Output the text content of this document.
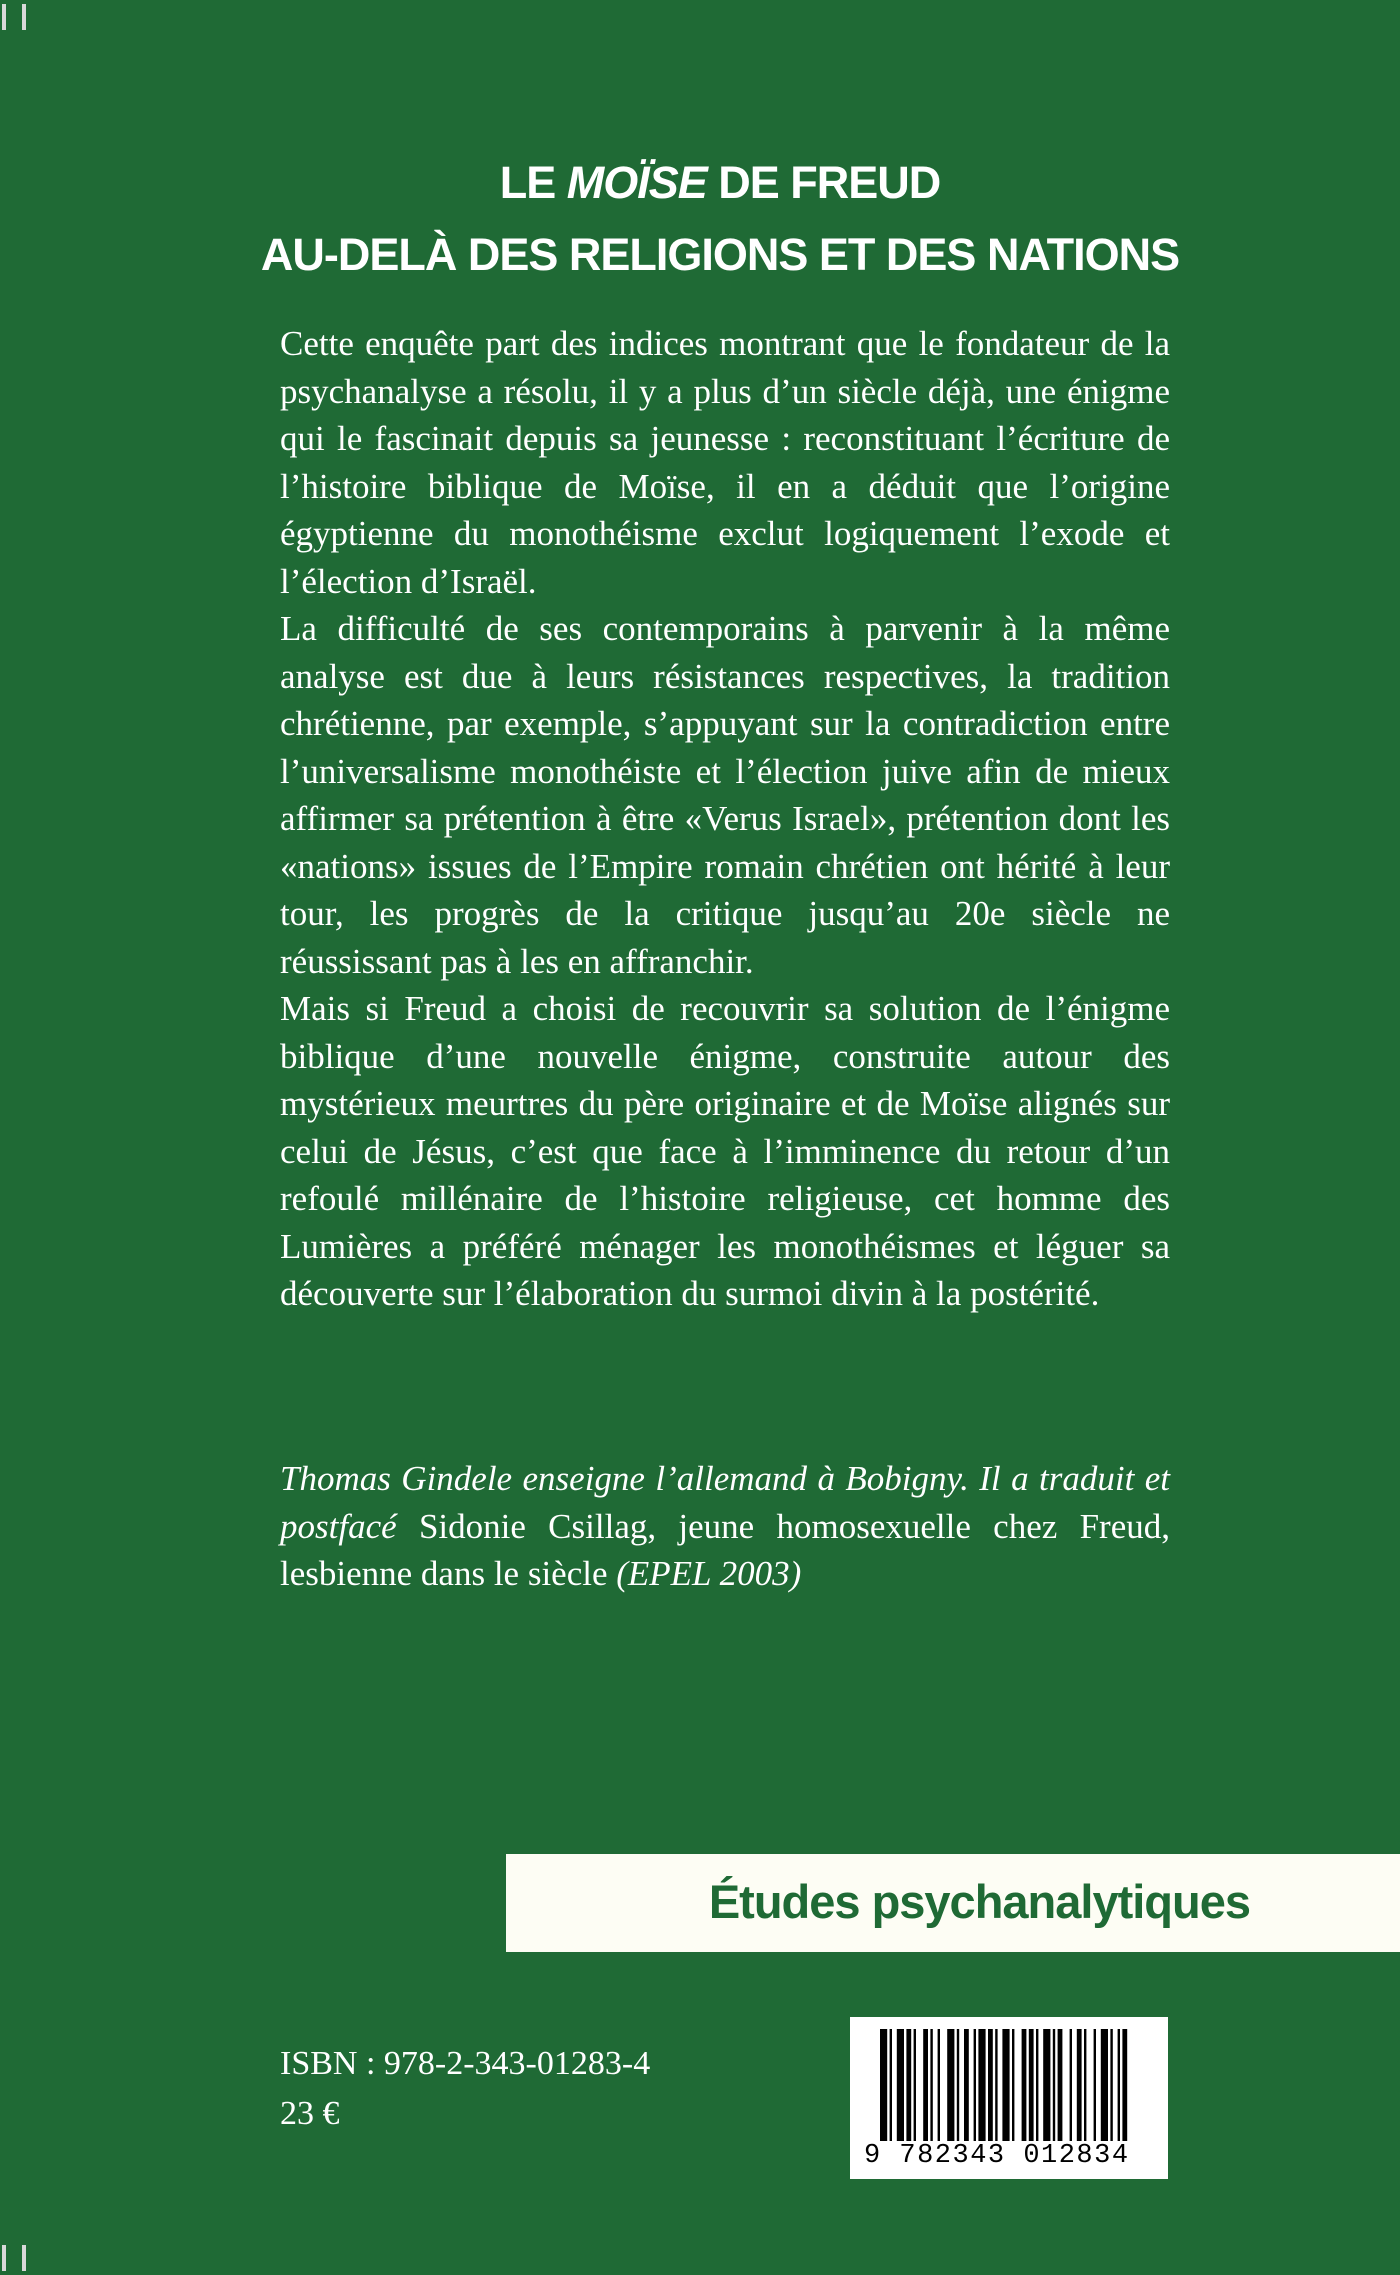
LE MOÏSE DE FREUD
AU-DELÀ DES RELIGIONS ET DES NATIONS

Cette enquête part des indices montrant que le fondateur de la psychanalyse a résolu, il y a plus d’un siècle déjà, une énigme qui le fascinait depuis sa jeunesse : reconstituant l’écriture de l’histoire biblique de Moïse, il en a déduit que l’origine égyptienne du monothéisme exclut logiquement l’exode et l’élection d’Israël.

La difficulté de ses contemporains à parvenir à la même analyse est due à leurs résistances respectives, la tradition chrétienne, par exemple, s’appuyant sur la contradiction entre l’universalisme monothéiste et l’élection juive afin de mieux affirmer sa prétention à être «Verus Israel», prétention dont les «nations» issues de l’Empire romain chrétien ont hérité à leur tour, les progrès de la critique jusqu’au 20e siècle ne réussissant pas à les en affranchir.

Mais si Freud a choisi de recouvrir sa solution de l’énigme biblique d’une nouvelle énigme, construite autour des mystérieux meurtres du père originaire et de Moïse alignés sur celui de Jésus, c’est que face à l’imminence du retour d’un refoulé millénaire de l’histoire religieuse, cet homme des Lumières a préféré ménager les monothéismes et léguer sa découverte sur l’élaboration du surmoi divin à la postérité.

Thomas Gindele enseigne l’allemand à Bobigny. Il a traduit et postfacé Sidonie Csillag, jeune homosexuelle chez Freud, lesbienne dans le siècle (EPEL 2003)
Études psychanalytiques
ISBN : 978-2-343-01283-4
23 €
9 782343 012834
